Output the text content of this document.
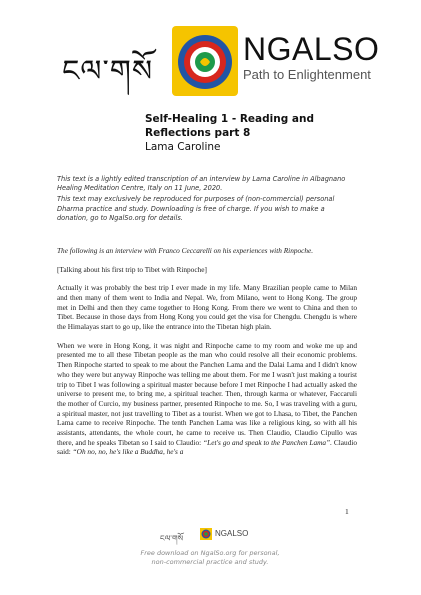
ངལ་གསོ
NGALSO
Path to Enlightenment
Self-Healing 1 - Reading and Reflections part 8
Lama Caroline
This text is a lightly edited transcription of an interview by Lama Caroline in Albagnano Healing Meditation Centre, Italy on 11 June, 2020.
This text may exclusively be reproduced for purposes of (non-commercial) personal Dharma practice and study. Downloading is free of charge. If you wish to make a donation, go to NgalSo.org for details.
The following is an interview with Franco Ceccarelli on his experiences with Rinpoche.
[Talking about his first trip to Tibet with Rinpoche]
Actually it was probably the best trip I ever made in my life. Many Brazilian people came to Milan and then many of them went to India and Nepal. We, from Milano, went to Hong Kong. The group met in Delhi and then they came together to Hong Kong. From there we went to China and then to Tibet. Because in those days from Hong Kong you could get the visa for Chengdu. Chengdu is where the Himalayas start to go up, like the entrance into the Tibetan high plain.
When we were in Hong Kong, it was night and Rinpoche came to my room and woke me up and presented me to all these Tibetan people as the man who could resolve all their economic problems. Then Rinpoche started to speak to me about the Panchen Lama and the Dalai Lama and I didn't know who they were but anyway Rinpoche was telling me about them. For me I wasn't just making a tourist trip to Tibet I was following a spiritual master because before I met Rinpoche I had actually asked the universe to present me, to bring me, a spiritual teacher. Then, through karma or whatever, Faccaruli the mother of Curcio, my business partner, presented Rinpoche to me. So, I was traveling with a guru, a spiritual master, not just travelling to Tibet as a tourist. When we got to Lhasa, to Tibet, the Panchen Lama came to receive Rinpoche. The tenth Panchen Lama was like a religious king, so with all his assistants, attendants, the whole court, he came to receive us. Then Claudio, Claudio Cipullo was there, and he speaks Tibetan so I said to Claudio: “Let's go and speak to the Panchen Lama”. Claudio said: “Oh no, no, he's like a Buddha, he's a
1
ངལ་གསོ
NGALSO
Free download on NgalSo.org for personal,
non-commercial practice and study.
